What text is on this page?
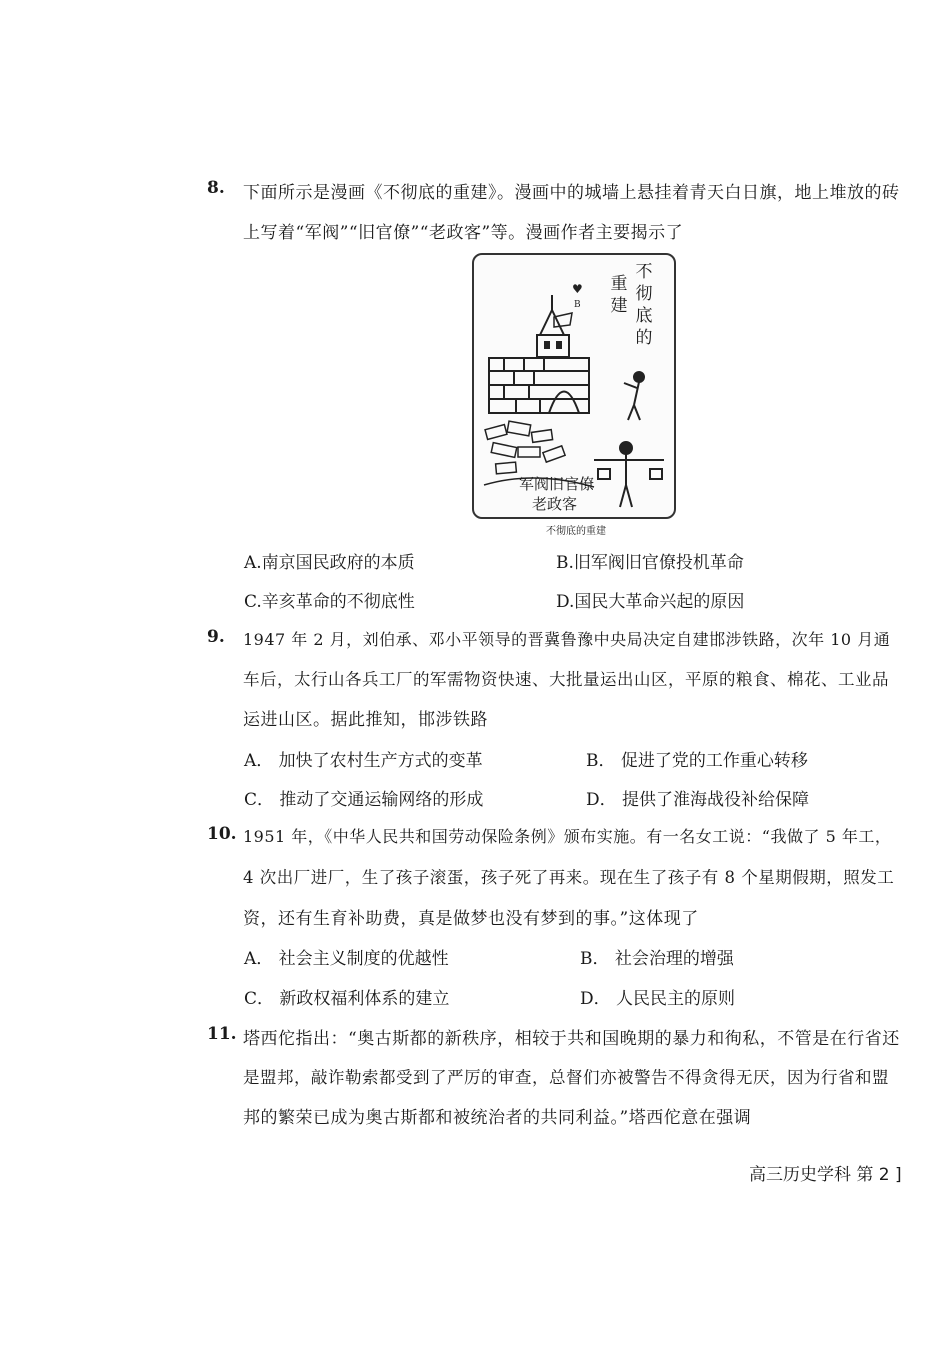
8. 下面所示是漫画《不彻底的重建》。漫画中的城墙上悬挂着青天白日旗，地上堆放的砖
上写着“军阀”“旧官僚”“老政客”等。漫画作者主要揭示了
♥
B
不
彻
底
的
重
建
军阀旧官僚
老政客
不彻底的重建
A.南京国民政府的本质	B.旧军阀旧官僚投机革命
C.辛亥革命的不彻底性	D.国民大革命兴起的原因
9. 1947 年 2 月，刘伯承、邓小平领导的晋冀鲁豫中央局决定自建邯涉铁路，次年 10 月通
车后，太行山各兵工厂的军需物资快速、大批量运出山区，平原的粮食、棉花、工业品
运进山区。据此推知，邯涉铁路
A． 加快了农村生产方式的变革	B． 促进了党的工作重心转移
C． 推动了交通运输网络的形成	D． 提供了淮海战役补给保障
10. 1951 年，《中华人民共和国劳动保险条例》颁布实施。有一名女工说：“我做了 5 年工，
4 次出厂进厂，生了孩子滚蛋，孩子死了再来。现在生了孩子有 8 个星期假期，照发工
资，还有生育补助费，真是做梦也没有梦到的事。”这体现了
A． 社会主义制度的优越性	B． 社会治理的增强
C． 新政权福利体系的建立	D． 人民民主的原则
11. 塔西佗指出：“奥古斯都的新秩序，相较于共和国晚期的暴力和徇私，不管是在行省还
是盟邦，敲诈勒索都受到了严厉的审查，总督们亦被警告不得贪得无厌，因为行省和盟
邦的繁荣已成为奥古斯都和被统治者的共同利益。”塔西佗意在强调
高三历史学科 第 2 ]
